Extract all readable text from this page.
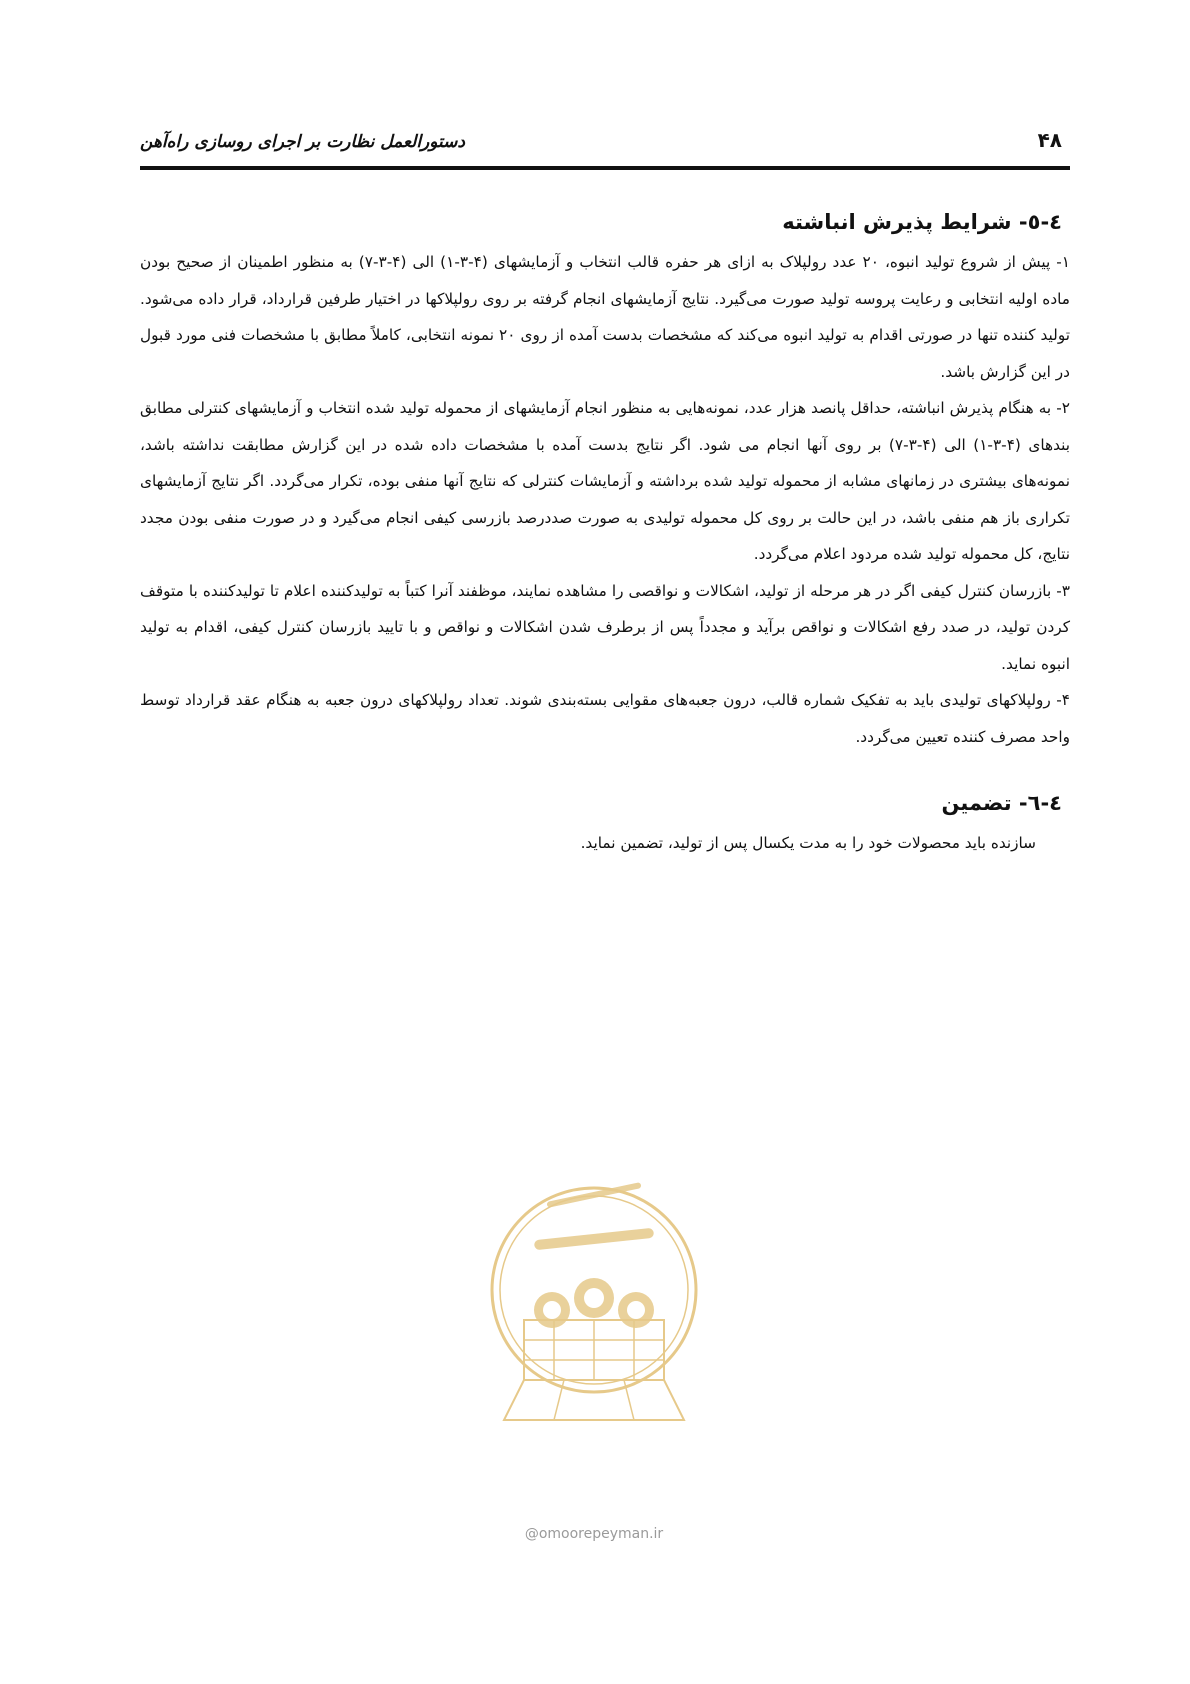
۴۸
دستورالعمل نظارت بر اجرای روسازی راه‌آهن
٤-٥- شرایط پذیرش انباشته

۱- پیش از شروع تولید انبوه، ۲۰ عدد رولپلاک به ازای هر حفره قالب انتخاب و آزمایشهای (۴-۳-۱) الی (۴-۳-۷) به منظور اطمینان از صحیح بودن ماده اولیه انتخابی و رعایت پروسه تولید صورت می‌گیرد. نتایج آزمایشهای انجام گرفته بر روی رولپلاکها در اختیار طرفین قرارداد، قرار داده می‌شود. تولید کننده تنها در صورتی اقدام به تولید انبوه می‌کند که مشخصات بدست آمده از روی ۲۰ نمونه انتخابی، کاملاً مطابق با مشخصات فنی مورد قبول در این گزارش باشد.

۲- به هنگام پذیرش انباشته، حداقل پانصد هزار عدد، نمونه‌هایی به منظور انجام آزمایشهای از محموله تولید شده انتخاب و آزمایشهای کنترلی مطابق بندهای (۴-۳-۱) الی (۴-۳-۷) بر روی آنها انجام می شود. اگر نتایج بدست آمده با مشخصات داده شده در این گزارش مطابقت نداشته باشد، نمونه‌های بیشتری در زمانهای مشابه از محموله تولید شده برداشته و آزمایشات کنترلی که نتایج آنها منفی بوده، تکرار می‌گردد. اگر نتایج آزمایشهای تکراری باز هم منفی باشد، در این حالت بر روی کل محموله تولیدی به صورت صددرصد بازرسی کیفی انجام می‌گیرد و در صورت منفی بودن مجدد نتایج، کل محموله تولید شده مردود اعلام می‌گردد.

۳- بازرسان کنترل کیفی اگر در هر مرحله از تولید، اشکالات و نواقصی را مشاهده نمایند، موظفند آنرا کتباً به تولیدکننده اعلام تا تولیدکننده با متوقف کردن تولید، در صدد رفع اشکالات و نواقص برآید و مجدداً پس از برطرف شدن اشکالات و نواقص و با تایید بازرسان کنترل کیفی، اقدام به تولید انبوه نماید.

۴- رولپلاکهای تولیدی باید به تفکیک شماره قالب، درون جعبه‌های مقوایی بسته‌بندی شوند. تعداد رولپلاکهای درون جعبه به هنگام عقد قرارداد توسط واحد مصرف کننده تعیین می‌گردد.

٤-٦- تضمین

سازنده باید محصولات خود را به مدت یکسال پس از تولید، تضمین نماید.

@omoorepeyman.ir
